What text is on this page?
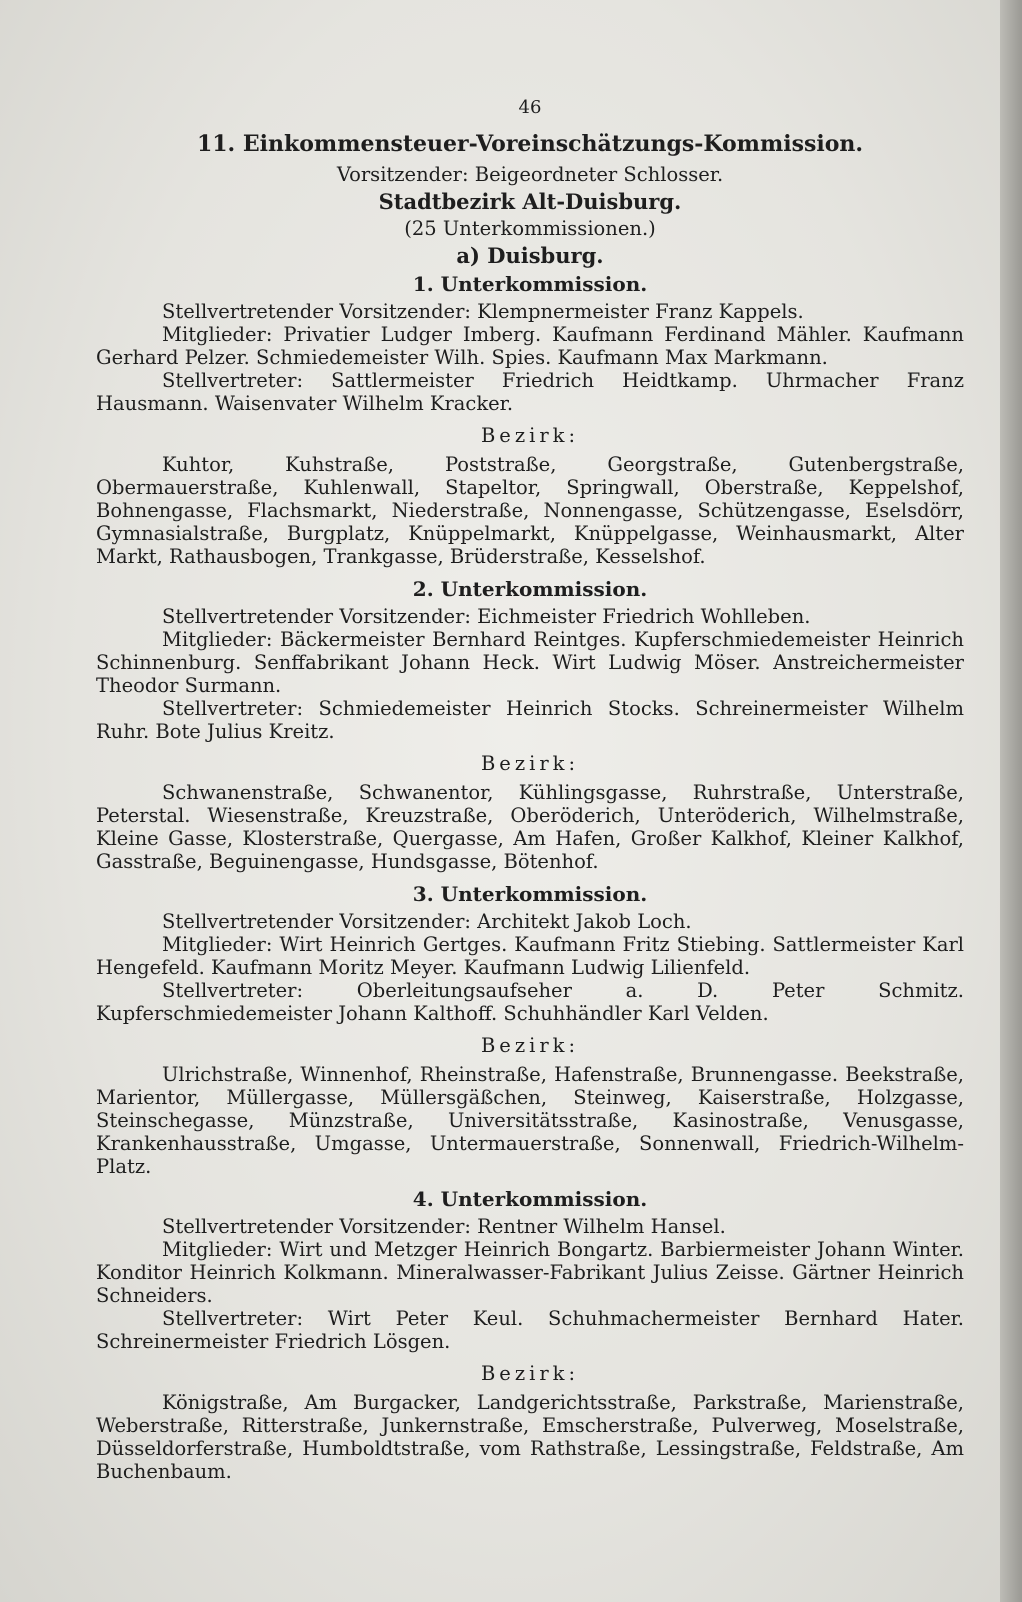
46
11. Einkommensteuer-Voreinschätzungs-Kommission.
Vorsitzender: Beigeordneter Schlosser.
Stadtbezirk Alt-Duisburg.
(25 Unterkommissionen.)
a) Duisburg.
1. Unterkommission.
Stellvertretender Vorsitzender: Klempnermeister Franz Kappels.
Mitglieder: Privatier Ludger Imberg. Kaufmann Ferdinand Mähler. Kaufmann Gerhard Pelzer. Schmiedemeister Wilh. Spies. Kaufmann Max Markmann.
Stellvertreter: Sattlermeister Friedrich Heidtkamp. Uhrmacher Franz Hausmann. Waisenvater Wilhelm Kracker.
Bezirk:
Kuhtor, Kuhstraße, Poststraße, Georgstraße, Gutenbergstraße, Obermauerstraße, Kuhlenwall, Stapeltor, Springwall, Oberstraße, Keppelshof, Bohnengasse, Flachsmarkt, Niederstraße, Nonnengasse, Schützengasse, Eselsdörr, Gymnasialstraße, Burgplatz, Knüppelmarkt, Knüppelgasse, Weinhausmarkt, Alter Markt, Rathausbogen, Trankgasse, Brüderstraße, Kesselshof.
2. Unterkommission.
Stellvertretender Vorsitzender: Eichmeister Friedrich Wohlleben.
Mitglieder: Bäckermeister Bernhard Reintges. Kupferschmiedemeister Heinrich Schinnenburg. Senffabrikant Johann Heck. Wirt Ludwig Möser. Anstreichermeister Theodor Surmann.
Stellvertreter: Schmiedemeister Heinrich Stocks. Schreinermeister Wilhelm Ruhr. Bote Julius Kreitz.
Bezirk:
Schwanenstraße, Schwanentor, Kühlingsgasse, Ruhrstraße, Unterstraße, Peterstal. Wiesenstraße, Kreuzstraße, Oberöderich, Unteröderich, Wilhelmstraße, Kleine Gasse, Klosterstraße, Quergasse, Am Hafen, Großer Kalkhof, Kleiner Kalkhof, Gasstraße, Beguinengasse, Hundsgasse, Bötenhof.
3. Unterkommission.
Stellvertretender Vorsitzender: Architekt Jakob Loch.
Mitglieder: Wirt Heinrich Gertges. Kaufmann Fritz Stiebing. Sattlermeister Karl Hengefeld. Kaufmann Moritz Meyer. Kaufmann Ludwig Lilienfeld.
Stellvertreter: Oberleitungsaufseher a. D. Peter Schmitz. Kupferschmiedemeister Johann Kalthoff. Schuhhändler Karl Velden.
Bezirk:
Ulrichstraße, Winnenhof, Rheinstraße, Hafenstraße, Brunnengasse. Beekstraße, Marientor, Müllergasse, Müllersgäßchen, Steinweg, Kaiserstraße, Holzgasse, Steinschegasse, Münzstraße, Universitätsstraße, Kasinostraße, Venusgasse, Krankenhausstraße, Umgasse, Untermauerstraße, Sonnenwall, Friedrich-Wilhelm-Platz.
4. Unterkommission.
Stellvertretender Vorsitzender: Rentner Wilhelm Hansel.
Mitglieder: Wirt und Metzger Heinrich Bongartz. Barbiermeister Johann Winter. Konditor Heinrich Kolkmann. Mineralwasser-Fabrikant Julius Zeisse. Gärtner Heinrich Schneiders.
Stellvertreter: Wirt Peter Keul. Schuhmachermeister Bernhard Hater. Schreinermeister Friedrich Lösgen.
Bezirk:
Königstraße, Am Burgacker, Landgerichtsstraße, Parkstraße, Marienstraße, Weberstraße, Ritterstraße, Junkernstraße, Emscherstraße, Pulverweg, Moselstraße, Düsseldorferstraße, Humboldtstraße, vom Rathstraße, Lessingstraße, Feldstraße, Am Buchenbaum.
